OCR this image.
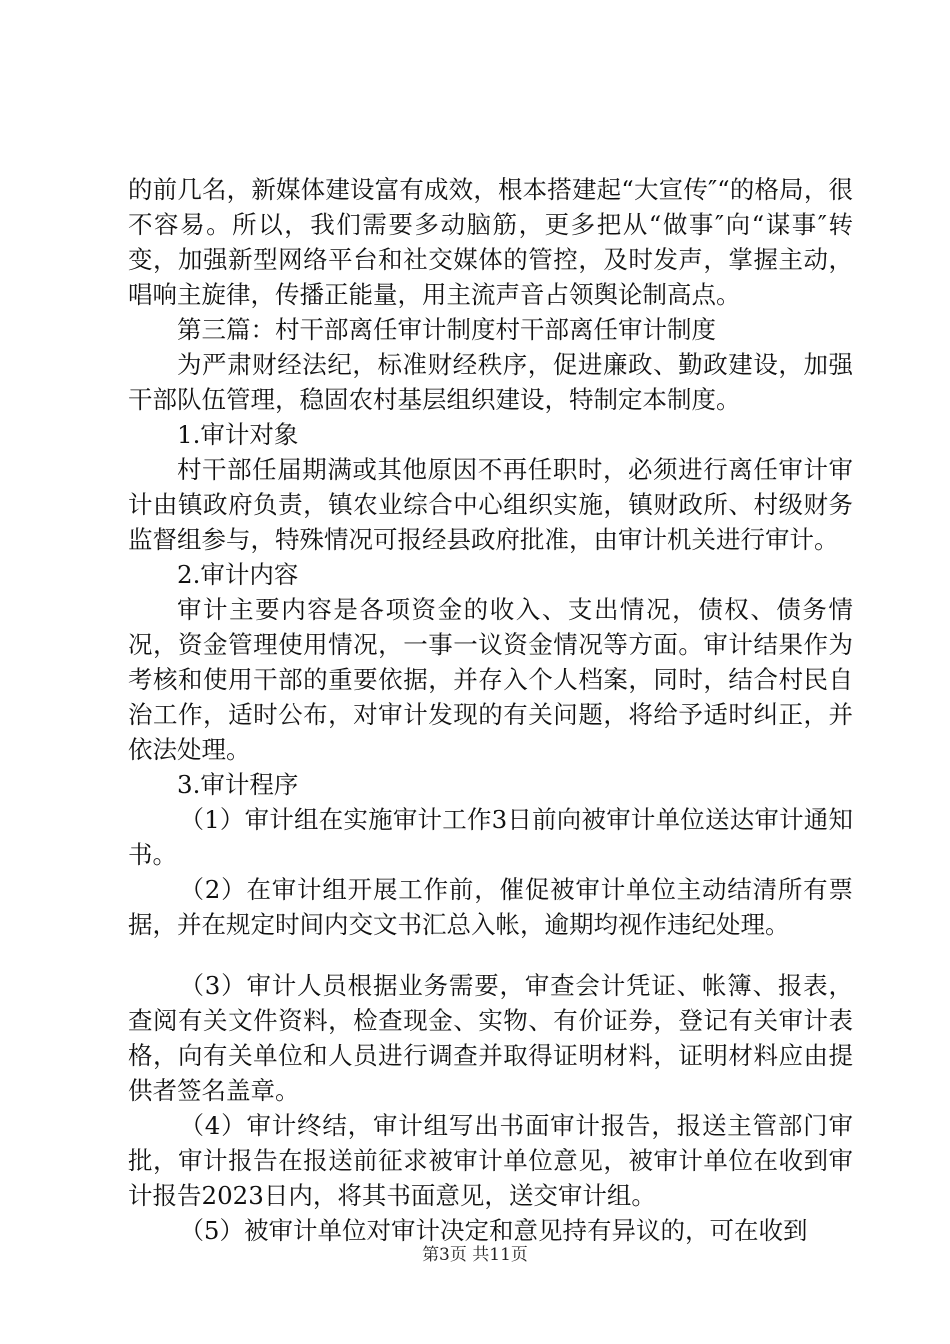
的前几名，新媒体建设富有成效，根本搭建起“大宣传″“的格局，很不容易。所以，我们需要多动脑筋，更多把从“做事″向“谋事″转变，加强新型网络平台和社交媒体的管控，及时发声，掌握主动，唱响主旋律，传播正能量，用主流声音占领舆论制高点。

第三篇：村干部离任审计制度村干部离任审计制度

为严肃财经法纪，标准财经秩序，促进廉政、勤政建设，加强干部队伍管理，稳固农村基层组织建设，特制定本制度。

1.审计对象

村干部任届期满或其他原因不再任职时，必须进行离任审计审计由镇政府负责，镇农业综合中心组织实施，镇财政所、村级财务监督组参与，特殊情况可报经县政府批准，由审计机关进行审计。

2.审计内容

审计主要内容是各项资金的收入、支出情况，债权、债务情况，资金管理使用情况，一事一议资金情况等方面。审计结果作为考核和使用干部的重要依据，并存入个人档案，同时，结合村民自治工作，适时公布，对审计发现的有关问题，将给予适时纠正，并依法处理。

3.审计程序

（1）审计组在实施审计工作3日前向被审计单位送达审计通知书。

（2）在审计组开展工作前，催促被审计单位主动结清所有票据，并在规定时间内交文书汇总入帐，逾期均视作违纪处理。

（3）审计人员根据业务需要，审查会计凭证、帐簿、报表，查阅有关文件资料，检查现金、实物、有价证券，登记有关审计表格，向有关单位和人员进行调查并取得证明材料，证明材料应由提供者签名盖章。

（4）审计终结，审计组写出书面审计报告，报送主管部门审批，审计报告在报送前征求被审计单位意见，被审计单位在收到审计报告2023日内，将其书面意见，送交审计组。

（5）被审计单位对审计决定和意见持有异议的，可在收到

第3页 共11页
